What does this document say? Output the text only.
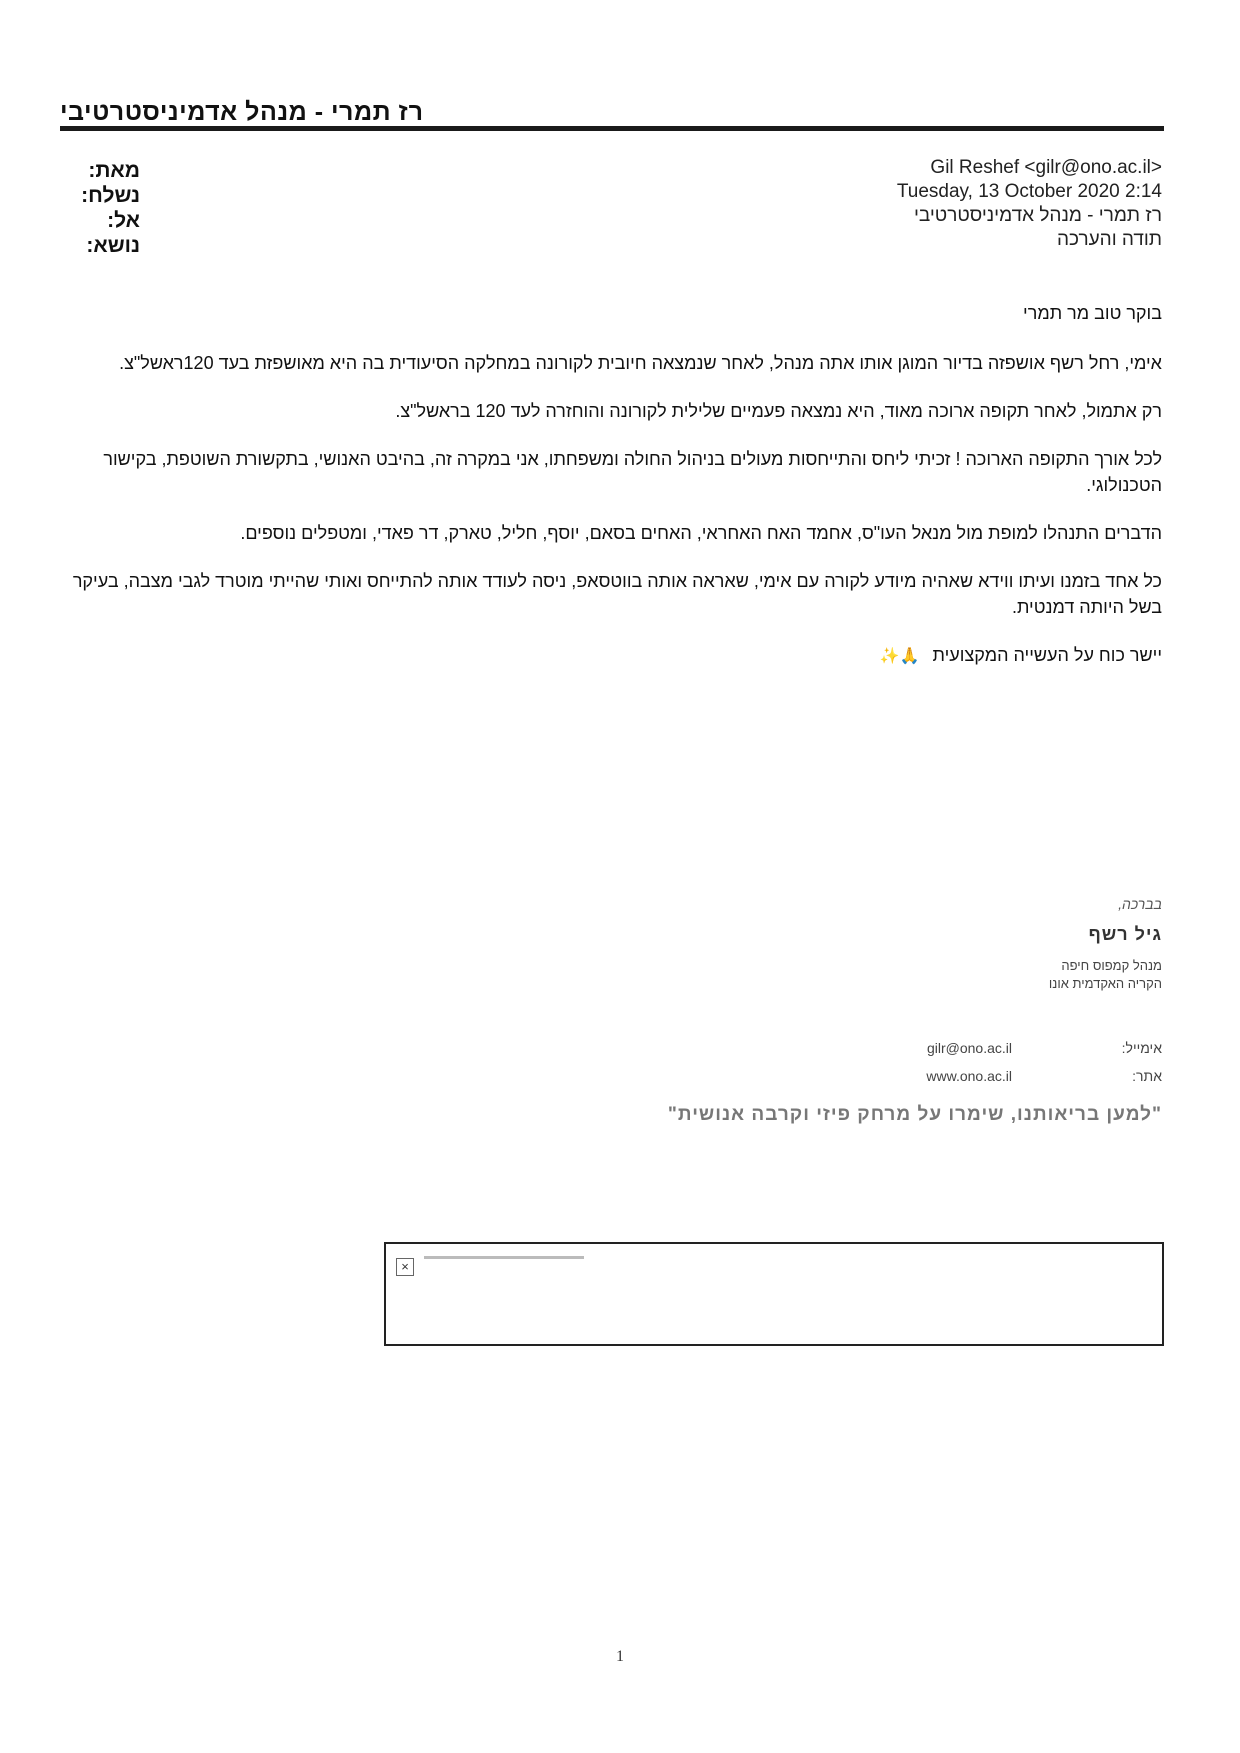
רז תמרי - מנהל אדמיניסטרטיבי
מאת:
נשלח:
אל:
נושא:
<Gil Reshef <gilr@ono.ac.il
Tuesday, 13 October 2020 2:14
רז תמרי - מנהל אדמיניסטרטיבי
תודה והערכה

בוקר טוב מר תמרי

אימי, רחל רשף אושפזה בדיור המוגן אותו אתה מנהל, לאחר שנמצאה חיובית לקורונה במחלקה הסיעודית בה היא מאושפזת בעד 120ראשל"צ.

רק אתמול, לאחר תקופה ארוכה מאוד, היא נמצאה פעמיים שלילית לקורונה והוחזרה לעד 120 בראשל"צ.

לכל אורך התקופה הארוכה ! זכיתי ליחס והתייחסות מעולים בניהול החולה ומשפחתו, אני במקרה זה, בהיבט האנושי, בתקשורת השוטפת, בקישור הטכנולוגי.

הדברים התנהלו למופת מול מנאל העו"ס, אחמד האח האחראי, האחים בסאם, יוסף, חליל, טארק, דר פאדי, ומטפלים נוספים.

כל אחד בזמנו ועיתו ווידא שאהיה מיודע לקורה עם אימי, שאראה אותה בווטסאפ, ניסה לעודד אותה להתייחס ואותי שהייתי מוטרד לגבי מצבה, בעיקר בשל היותה דמנטית.

יישר כוח על העשייה המקצועית 🙏✨

בברכה,
גיל רשף
מנהל קמפוס חיפה
הקריה האקדמית אונו
אימייל:
gilr@ono.ac.il
אתר:
www.ono.ac.il
"למען בריאותנו, שימרו על מרחק פיזי וקרבה אנושית"
×
1
